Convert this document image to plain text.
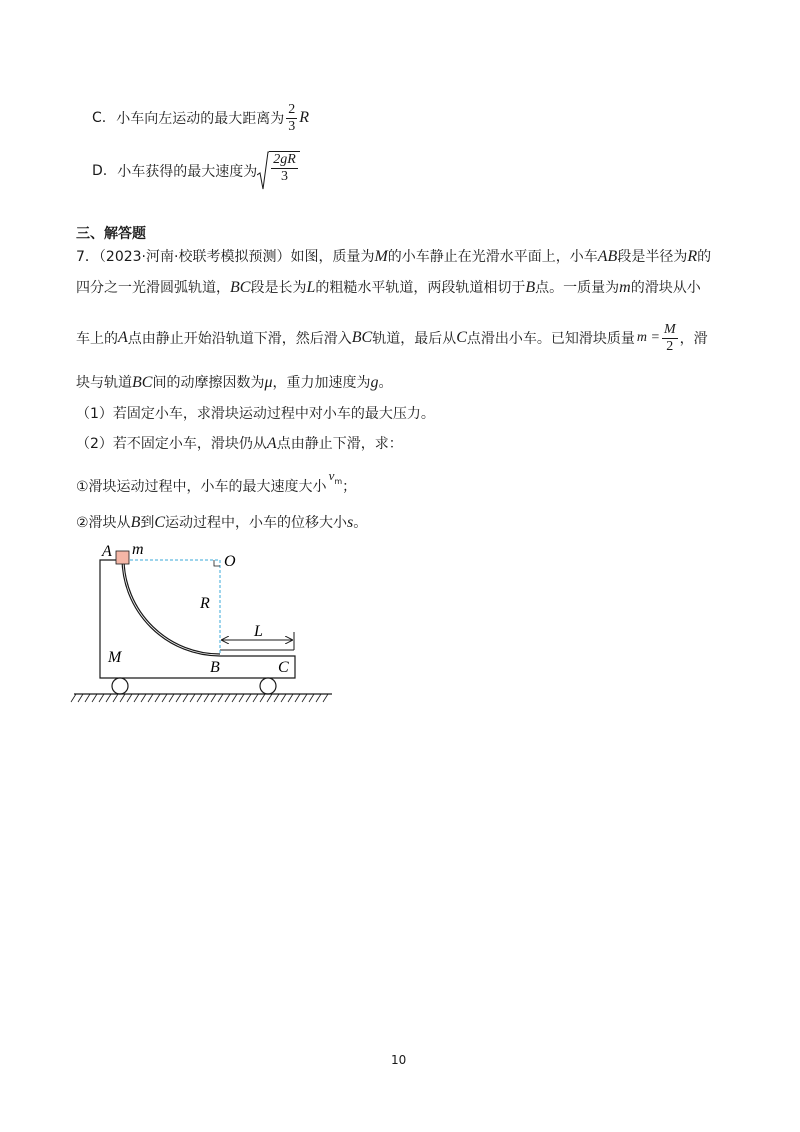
C. 小车向左运动的最大距离为 $\frac{2}{3}$ R
D. 小车获得的最大速度为 $\frac{2gR}{3}$
三、解答题
7．（2023·河南·校联考模拟预测）如图，质量为M的小车静止在光滑水平面上，小车AB段是半径为R的
四分之一光滑圆弧轨道，BC段是长为L的粗糙水平轨道，两段轨道相切于B点。一质量为m的滑块从小
车上的 A 点由静止开始沿轨道下滑，然后滑入 BC 轨道，最后从 C 点滑出小车。已知滑块质量 $m = \frac{M}{2}$ ，滑
块与轨道BC间的动摩擦因数为μ，重力加速度为g。
（1）若固定小车，求滑块运动过程中对小车的最大压力。
（2）若不固定小车，滑块仍从A点由静止下滑，求：
①滑块运动过程中，小车的最大速度大小
$v_m$ ；
②滑块从B到C运动过程中，小车的位移大小s。
A m
O
R
L
M
B	C
10
